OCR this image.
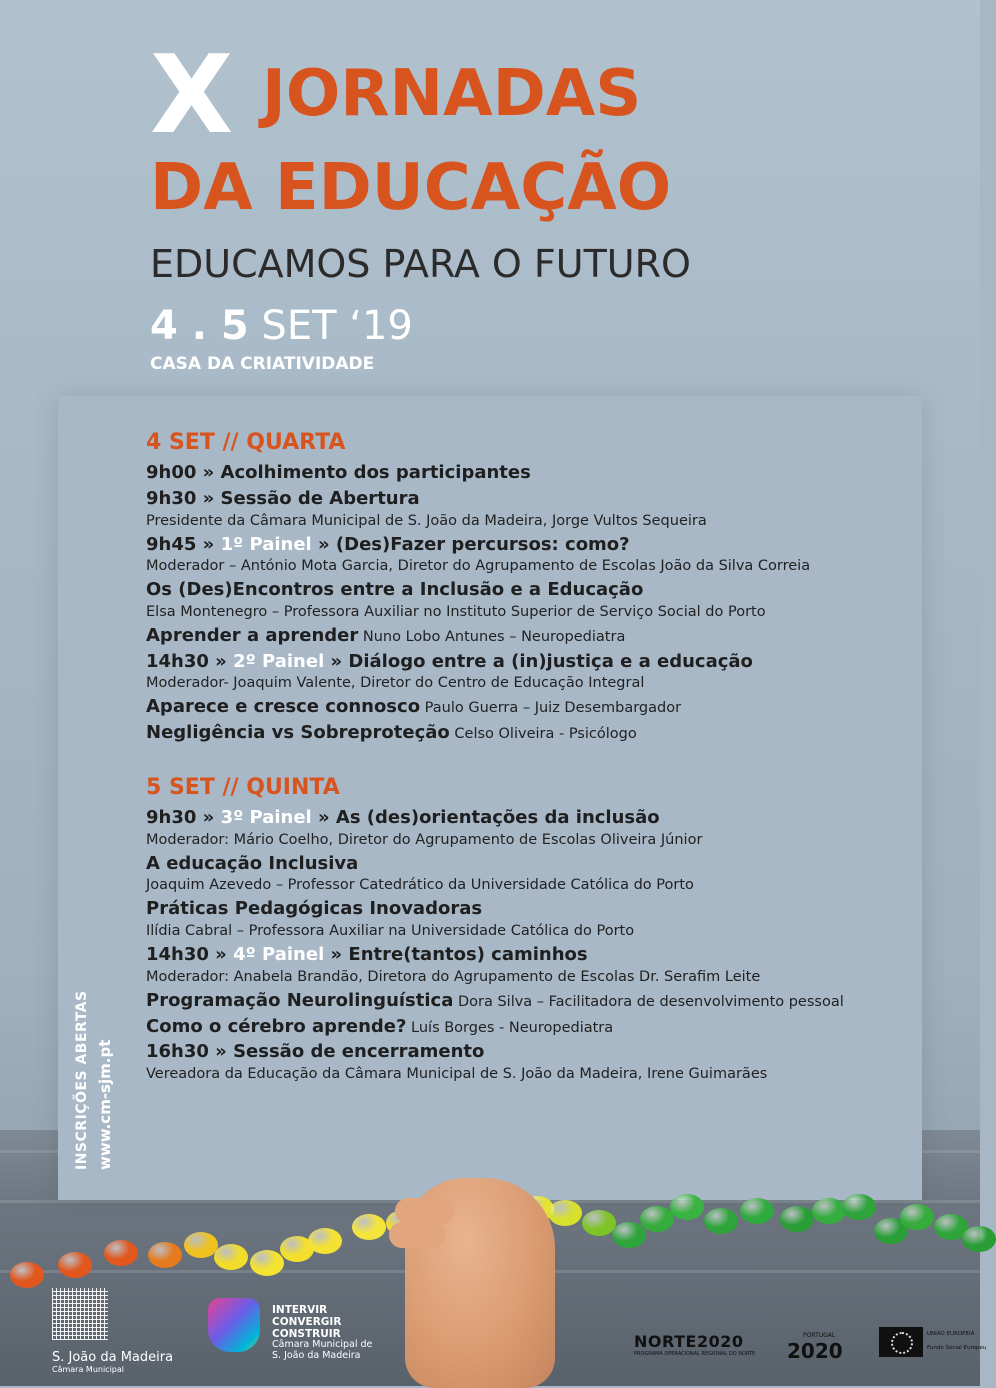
X JORNADAS
DA EDUCAÇÃO
EDUCAMOS PARA O FUTURO
4 . 5 SET ‘19
CASA DA CRIATIVIDADE
4 SET // QUARTA
9h00 » Acolhimento dos participantes
9h30 » Sessão de Abertura
Presidente da Câmara Municipal de S. João da Madeira, Jorge Vultos Sequeira
9h45 » 1º Painel » (Des)Fazer percursos: como?
Moderador – António Mota Garcia, Diretor do Agrupamento de Escolas João da Silva Correia
Os (Des)Encontros entre a Inclusão e a Educação
Elsa Montenegro – Professora Auxiliar no Instituto Superior de Serviço Social do Porto
Aprender a aprender Nuno Lobo Antunes – Neuropediatra
14h30 » 2º Painel » Diálogo entre a (in)justiça e a educação
Moderador- Joaquim Valente, Diretor do Centro de Educação Integral
Aparece e cresce connosco Paulo Guerra – Juiz Desembargador
Negligência vs Sobreproteção Celso Oliveira - Psicólogo
5 SET // QUINTA
9h30 » 3º Painel » As (des)orientações da inclusão
Moderador: Mário Coelho, Diretor do Agrupamento de Escolas Oliveira Júnior
A educação Inclusiva
Joaquim Azevedo – Professor Catedrático da Universidade Católica do Porto
Práticas Pedagógicas Inovadoras
Ilídia Cabral – Professora Auxiliar na Universidade Católica do Porto
14h30 » 4º Painel » Entre(tantos) caminhos
Moderador: Anabela Brandão, Diretora do Agrupamento de Escolas Dr. Serafim Leite
Programação Neurolinguística Dora Silva – Facilitadora de desenvolvimento pessoal
Como o cérebro aprende? Luís Borges - Neuropediatra
16h30 » Sessão de encerramento
Vereadora da Educação da Câmara Municipal de S. João da Madeira, Irene Guimarães
INSCRIÇÕES ABERTAS www.cm-sjm.pt
S. João da Madeira
Câmara Municipal
INTERVIR
CONVERGIR
CONSTRUIR
Câmara Municipal de
S. João da Madeira
NORTE2020
PROGRAMA OPERACIONAL REGIONAL DO NORTE
PORTUGAL
2020
UNIÃO EUROPEIA
Fundo Social Europeu
